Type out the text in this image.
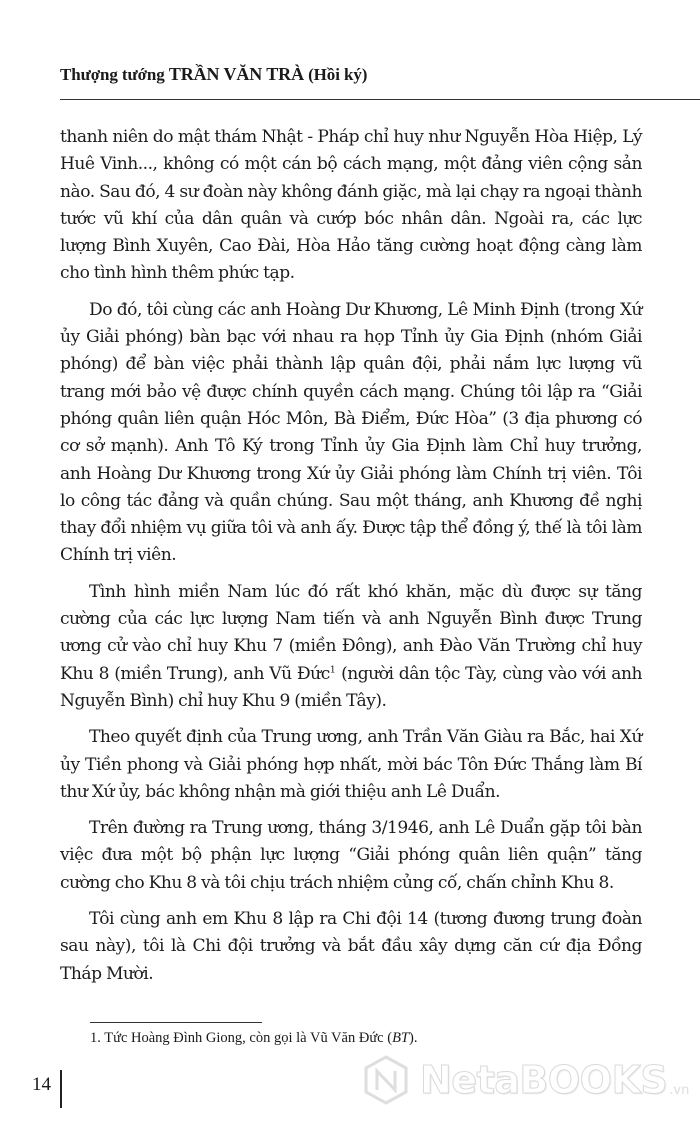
Thượng tướng TRẦN VĂN TRÀ (Hồi ký)

thanh niên do mật thám Nhật - Pháp chỉ huy như Nguyễn Hòa Hiệp, Lý Huê Vinh..., không có một cán bộ cách mạng, một đảng viên cộng sản nào. Sau đó, 4 sư đoàn này không đánh giặc, mà lại chạy ra ngoại thành tước vũ khí của dân quân và cướp bóc nhân dân. Ngoài ra, các lực lượng Bình Xuyên, Cao Đài, Hòa Hảo tăng cường hoạt động càng làm cho tình hình thêm phức tạp.

Do đó, tôi cùng các anh Hoàng Dư Khương, Lê Minh Định (trong Xứ ủy Giải phóng) bàn bạc với nhau ra họp Tỉnh ủy Gia Định (nhóm Giải phóng) để bàn việc phải thành lập quân đội, phải nắm lực lượng vũ trang mới bảo vệ được chính quyền cách mạng. Chúng tôi lập ra “Giải phóng quân liên quận Hóc Môn, Bà Điểm, Đức Hòa” (3 địa phương có cơ sở mạnh). Anh Tô Ký trong Tỉnh ủy Gia Định làm Chỉ huy trưởng, anh Hoàng Dư Khương trong Xứ ủy Giải phóng làm Chính trị viên. Tôi lo công tác đảng và quần chúng. Sau một tháng, anh Khương đề nghị thay đổi nhiệm vụ giữa tôi và anh ấy. Được tập thể đồng ý, thế là tôi làm Chính trị viên.

Tình hình miền Nam lúc đó rất khó khăn, mặc dù được sự tăng cường của các lực lượng Nam tiến và anh Nguyễn Bình được Trung ương cử vào chỉ huy Khu 7 (miền Đông), anh Đào Văn Trường chỉ huy Khu 8 (miền Trung), anh Vũ Đức$^1$ (người dân tộc Tày, cùng vào với anh Nguyễn Bình) chỉ huy Khu 9 (miền Tây).

Theo quyết định của Trung ương, anh Trần Văn Giàu ra Bắc, hai Xứ ủy Tiền phong và Giải phóng hợp nhất, mời bác Tôn Đức Thắng làm Bí thư Xứ ủy, bác không nhận mà giới thiệu anh Lê Duẩn.

Trên đường ra Trung ương, tháng 3/1946, anh Lê Duẩn gặp tôi bàn việc đưa một bộ phận lực lượng “Giải phóng quân liên quận” tăng cường cho Khu 8 và tôi chịu trách nhiệm củng cố, chấn chỉnh Khu 8.

Tôi cùng anh em Khu 8 lập ra Chi đội 14 (tương đương trung đoàn sau này), tôi là Chi đội trưởng và bắt đầu xây dựng căn cứ địa Đồng Tháp Mười.

1. Tức Hoàng Đình Giong, còn gọi là Vũ Văn Đức (BT).
14	NetaBOOKS .vn
